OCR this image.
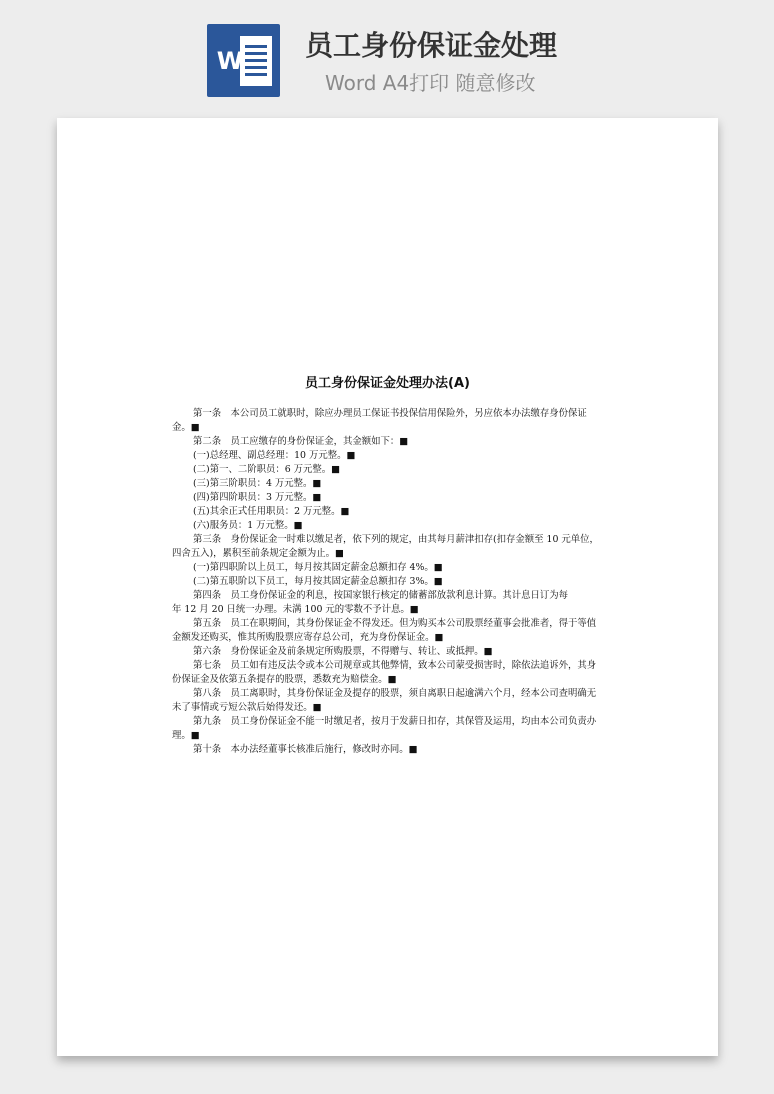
W 员工身份保证金处理
Word A4打印 随意修改

员工身份保证金处理办法(A)

第一条　本公司员工就职时，除应办理员工保证书投保信用保险外，另应依本办法缴存身份保证金。■

第二条　员工应缴存的身份保证金，其金额如下：■

(一)总经理、副总经理：10 万元整。■

(二)第一、二阶职员：6 万元整。■

(三)第三阶职员：4 万元整。■

(四)第四阶职员：3 万元整。■

(五)其余正式任用职员：2 万元整。■

(六)服务员：1 万元整。■

第三条　身份保证金一时难以缴足者，依下列的规定，由其每月薪津扣存(扣存金额至 10 元单位，四舍五入)，累积至前条规定金额为止。■

(一)第四职阶以上员工，每月按其固定薪金总额扣存 4%。■

(二)第五职阶以下员工，每月按其固定薪金总额扣存 3%。■

第四条　员工身份保证金的利息，按国家银行核定的储蓄部放款利息计算。其计息日订为每

年 12 月 20 日统一办理。未满 100 元的零数不予计息。■

第五条　员工在职期间，其身份保证金不得发还。但为购买本公司股票经董事会批准者，得于等值金额发还购买，惟其所购股票应寄存总公司，充为身份保证金。■

第六条　身份保证金及前条规定所购股票，不得赠与、转让、或抵押。■

第七条　员工如有违反法令或本公司规章或其他弊情，致本公司蒙受损害时，除依法追诉外，其身份保证金及依第五条提存的股票，悉数充为赔偿金。■

第八条　员工离职时，其身份保证金及提存的股票，须自离职日起逾满六个月，经本公司查明确无未了事情或亏短公款后始得发还。■

第九条　员工身份保证金不能一时缴足者，按月于发薪日扣存，其保管及运用，均由本公司负责办理。■

第十条　本办法经董事长核准后施行，修改时亦同。■
